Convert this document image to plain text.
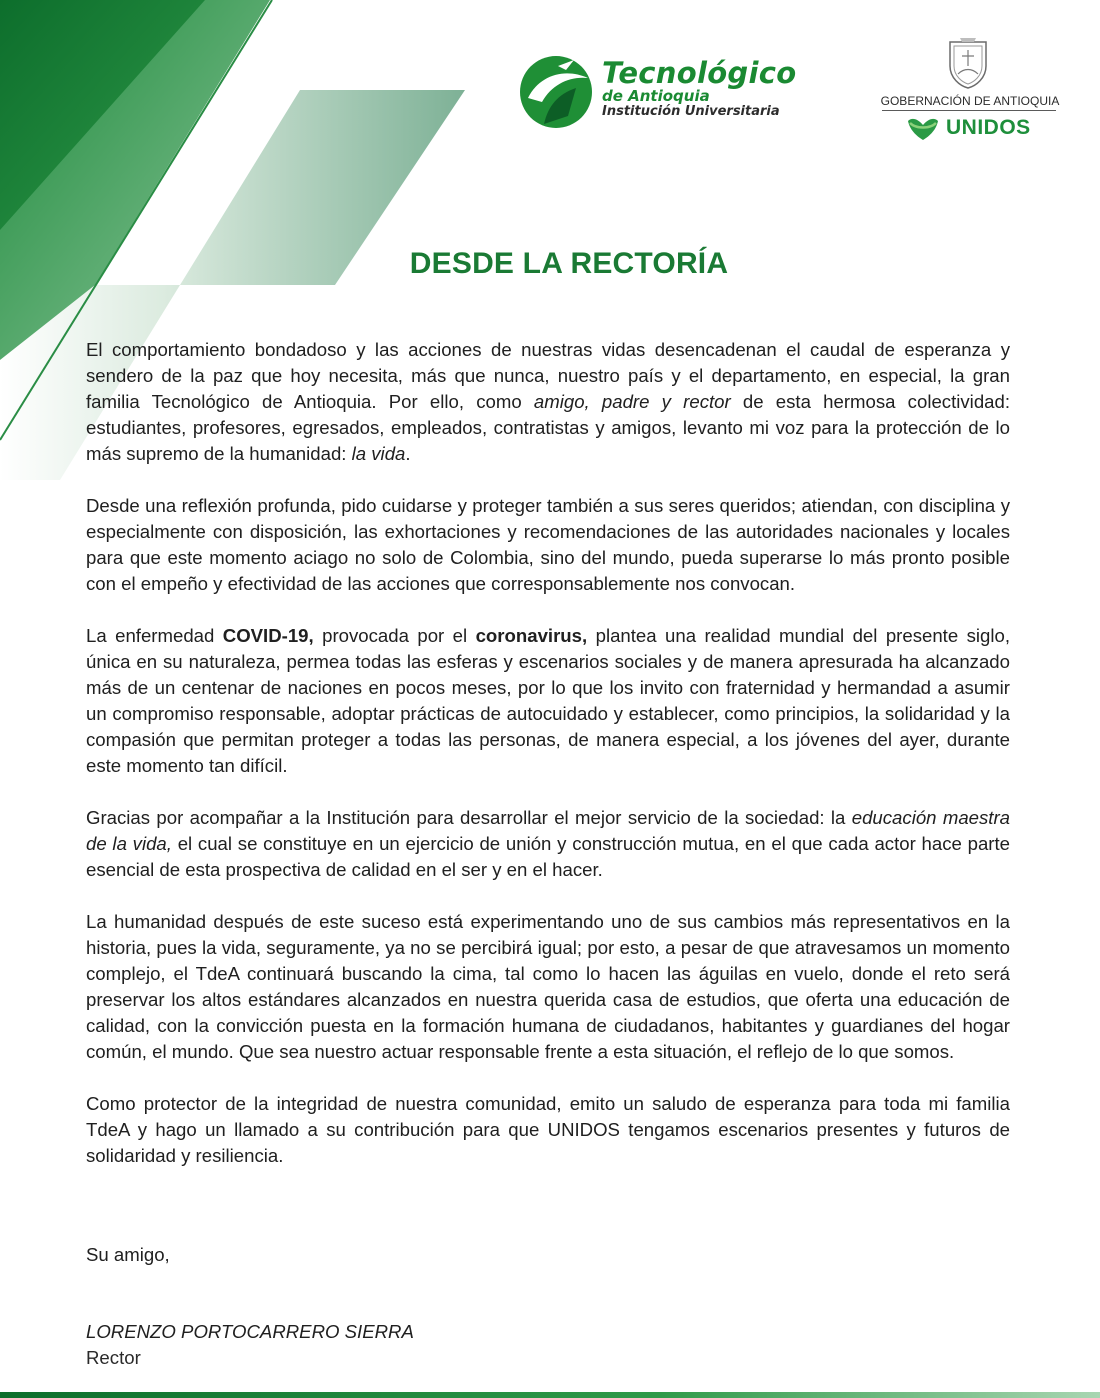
Tecnológico
de Antioquia
Institución Universitaria
GOBERNACIÓN DE ANTIOQUIA
UNIDOS
DESDE LA RECTORÍA

El comportamiento bondadoso y las acciones de nuestras vidas desencadenan el caudal de esperanza y sendero de la paz que hoy necesita, más que nunca, nuestro país y el departamento, en especial, la gran familia Tecnológico de Antioquia. Por ello, como amigo, padre y rector de esta hermosa colectividad: estudiantes, profesores, egresados, empleados, contratistas y amigos, levanto mi voz para la protección de lo más supremo de la humanidad: la vida.

Desde una reflexión profunda, pido cuidarse y proteger también a sus seres queridos; atiendan, con disciplina y especialmente con disposición, las exhortaciones y recomendaciones de las autoridades nacionales y locales para que este momento aciago no solo de Colombia, sino del mundo, pueda superarse lo más pronto posible con el empeño y efectividad de las acciones que corresponsablemente nos convocan.

La enfermedad COVID-19, provocada por el coronavirus, plantea una realidad mundial del presente siglo, única en su naturaleza, permea todas las esferas y escenarios sociales y de manera apresurada ha alcanzado más de un centenar de naciones en pocos meses, por lo que los invito con fraternidad y hermandad a asumir un compromiso responsable, adoptar prácticas de autocuidado y establecer, como principios, la solidaridad y la compasión que permitan proteger a todas las personas, de manera especial, a los jóvenes del ayer, durante este momento tan difícil.

Gracias por acompañar a la Institución para desarrollar el mejor servicio de la sociedad: la educación maestra de la vida, el cual se constituye en un ejercicio de unión y construcción mutua, en el que cada actor hace parte esencial de esta prospectiva de calidad en el ser y en el hacer.

La humanidad después de este suceso está experimentando uno de sus cambios más representativos en la historia, pues la vida, seguramente, ya no se percibirá igual; por esto, a pesar de que atravesamos un momento complejo, el TdeA continuará buscando la cima, tal como lo hacen las águilas en vuelo, donde el reto será preservar los altos estándares alcanzados en nuestra querida casa de estudios, que oferta una educación de calidad, con la convicción puesta en la formación humana de ciudadanos, habitantes y guardianes del hogar común, el mundo. Que sea nuestro actuar responsable frente a esta situación, el reflejo de lo que somos.

Como protector de la integridad de nuestra comunidad, emito un saludo de esperanza para toda mi familia TdeA y hago un llamado a su contribución para que UNIDOS tengamos escenarios presentes y futuros de solidaridad y resiliencia.

Su amigo,
LORENZO PORTOCARRERO SIERRA
Rector
